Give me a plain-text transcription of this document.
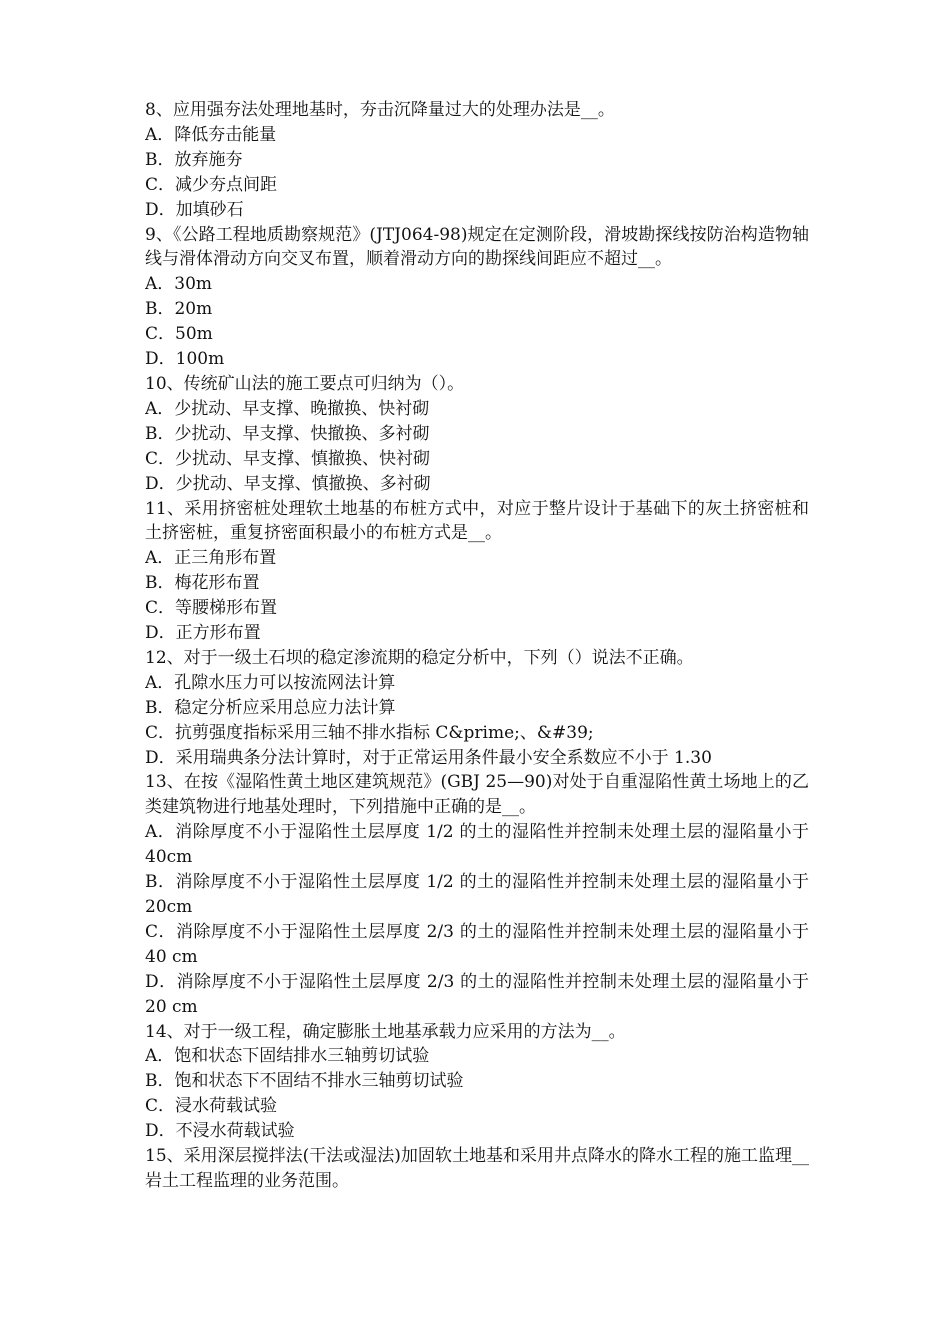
8、应用强夯法处理地基时，夯击沉降量过大的处理办法是__。
A．降低夯击能量
B．放弃施夯
C．减少夯点间距
D．加填砂石
9、《公路工程地质勘察规范》(JTJ064-98)规定在定测阶段，滑坡勘探线按防治构造物轴线与滑体滑动方向交叉布置，顺着滑动方向的勘探线间距应不超过__。
A．30m
B．20m
C．50m
D．100m
10、传统矿山法的施工要点可归纳为（）。
A．少扰动、早支撑、晚撤换、快衬砌
B．少扰动、早支撑、快撤换、多衬砌
C．少扰动、早支撑、慎撤换、快衬砌
D．少扰动、早支撑、慎撤换、多衬砌
11、采用挤密桩处理软土地基的布桩方式中，对应于整片设计于基础下的灰土挤密桩和土挤密桩，重复挤密面积最小的布桩方式是__。
A．正三角形布置
B．梅花形布置
C．等腰梯形布置
D．正方形布置
12、对于一级土石坝的稳定渗流期的稳定分析中，下列（）说法不正确。
A．孔隙水压力可以按流网法计算
B．稳定分析应采用总应力法计算
C．抗剪强度指标采用三轴不排水指标 C&prime;、&#39;
D．采用瑞典条分法计算时，对于正常运用条件最小安全系数应不小于 1.30
13、在按《湿陷性黄土地区建筑规范》(GBJ 25—90)对处于自重湿陷性黄土场地上的乙类建筑物进行地基处理时，下列措施中正确的是__。
A．消除厚度不小于湿陷性土层厚度 1/2 的土的湿陷性并控制未处理土层的湿陷量小于 40cm
B．消除厚度不小于湿陷性土层厚度 1/2 的土的湿陷性并控制未处理土层的湿陷量小于 20cm
C．消除厚度不小于湿陷性土层厚度 2/3 的土的湿陷性并控制未处理土层的湿陷量小于 40 cm
D．消除厚度不小于湿陷性土层厚度 2/3 的土的湿陷性并控制未处理土层的湿陷量小于 20 cm
14、对于一级工程，确定膨胀土地基承载力应采用的方法为__。
A．饱和状态下固结排水三轴剪切试验
B．饱和状态下不固结不排水三轴剪切试验
C．浸水荷载试验
D．不浸水荷载试验
15、采用深层搅拌法(干法或湿法)加固软土地基和采用井点降水的降水工程的施工监理__岩土工程监理的业务范围。
